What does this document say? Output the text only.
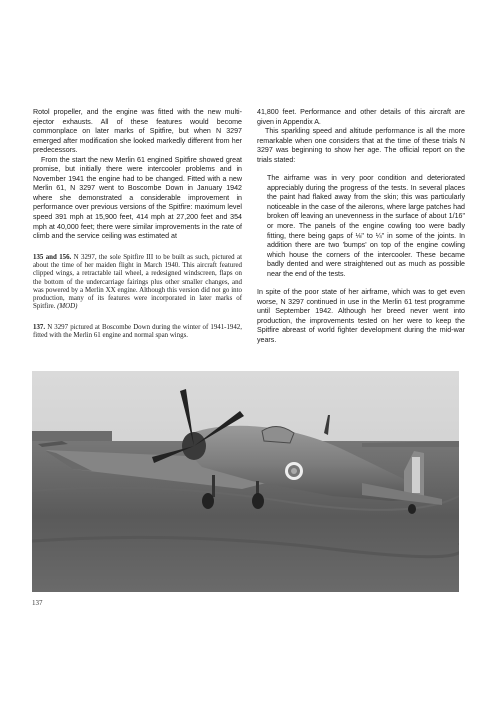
Rotol propeller, and the engine was fitted with the new multi-ejector exhausts. All of these features would become commonplace on later marks of Spitfire, but when N 3297 emerged after modification she looked markedly different from her predecessors.

From the start the new Merlin 61 engined Spitfire showed great promise, but initially there were intercooler problems and in November 1941 the engine had to be changed. Fitted with a new Merlin 61, N 3297 went to Boscombe Down in January 1942 where she demonstrated a considerable improvement in performance over previous versions of the Spitfire: maximum level speed 391 mph at 15,900 feet, 414 mph at 27,200 feet and 354 mph at 40,000 feet; there were similar improvements in the rate of climb and the service ceiling was estimated at

135 and 156. N 3297, the sole Spitfire III to be built as such, pictured at about the time of her maiden flight in March 1940. This aircraft featured clipped wings, a retractable tail wheel, a redesigned windscreen, flaps on the bottom of the undercarriage fairings plus other smaller changes, and was powered by a Merlin XX engine. Although this version did not go into production, many of its features were incorporated in later marks of Spitfire. (MOD)

137. N 3297 pictured at Boscombe Down during the winter of 1941-1942, fitted with the Merlin 61 engine and normal span wings.

41,800 feet. Performance and other details of this aircraft are given in Appendix A.

This sparkling speed and altitude performance is all the more remarkable when one considers that at the time of these trials N 3297 was beginning to show her age. The official report on the trials stated:

The airframe was in very poor condition and deteriorated appreciably during the progress of the tests. In several places the paint had flaked away from the skin; this was particularly noticeable in the case of the ailerons, where large patches had broken off leaving an unevenness in the surface of about 1/16" or more. The panels of the engine cowling too were badly fitting, there being gaps of ⅛" to ¼" in some of the joints. In addition there are two 'bumps' on top of the engine cowling which house the corners of the intercooler. These became badly dented and were straightened out as much as possible near the end of the tests.

In spite of the poor state of her airframe, which was to get even worse, N 3297 continued in use in the Merlin 61 test programme until September 1942. Although her breed never went into production, the improvements tested on her were to keep the Spitfire abreast of world fighter development during the mid-war years.

137
